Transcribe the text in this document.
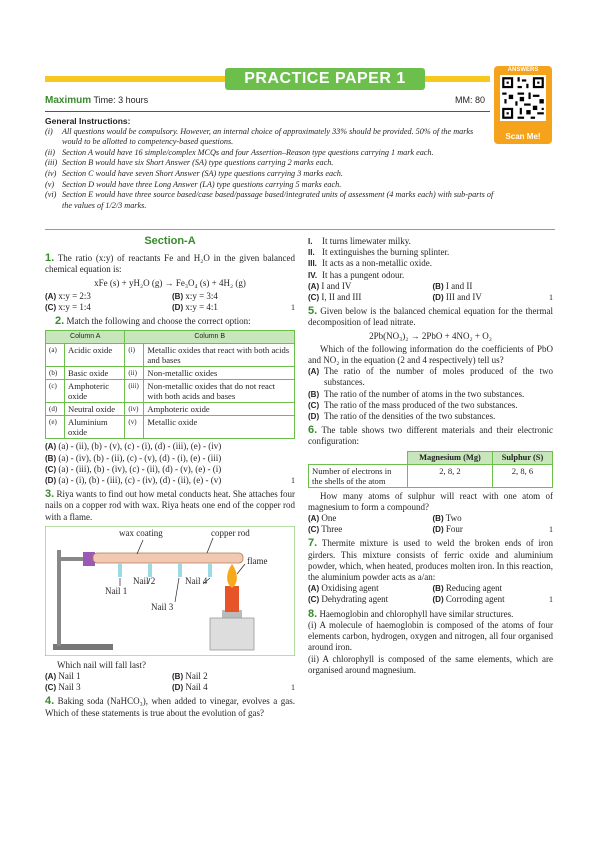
PRACTICE PAPER 1	ANSWERS
Scan Me!
Maximum Time: 3 hours	MM: 80
General Instructions:
(i)	All questions would be compulsory. However, an internal choice of approximately 33% should be provided. 50% of the marks would to be allotted to competency-based questions.
(ii) Section A would have 16 simple/complex MCQs and four Assertion–Reason type questions carrying 1 mark each.
(iii) Section B would have six Short Answer (SA) type questions carrying 2 marks each.
(iv) Section C would have seven Short Answer (SA) type questions carrying 3 marks each.
(v) Section D would have three Long Answer (LA) type questions carrying 5 marks each.
(vi) Section E would have three source based/case based/passage based/integrated units of assessment (4 marks each) with sub-parts of the values of 1/2/3 marks.
Section-A

1. The ratio (x:y) of reactants Fe and H₂O in the given balanced chemical equation is:

xFe (s) + yH₂O (g) → Fe₃O₄ (s) + 4H₂ (g)
(A) x:y = 2:3	(B) x:y = 3:4
(C) x:y = 1:4	(D) x:y = 4:1	1

2. Match the following and choose the correct option:

Column A		Column B	
(a)	Acidic oxide	(i)	Metallic oxides that react with both acids and bases
(b)	Basic oxide	(ii)	Non-metallic oxides
(c)	Amphoteric oxide	(iii)	Non-metallic oxides that do not react with both acids and bases
(d)	Neutral oxide	(iv)	Amphoteric oxide
(e)	Aluminium oxide	(v)	Metallic oxide
(A) (a) - (ii), (b) - (v), (c) - (i), (d) - (iii), (e) - (iv)
(B) (a) - (iv), (b) - (ii), (c) - (v), (d) - (i), (e) - (iii)
(C) (a) - (iii), (b) - (iv), (c) - (ii), (d) - (v), (e) - (i)
(D) (a) - (i), (b) - (iii), (c) - (iv), (d) - (ii), (e) - (v)	1

3. Riya wants to find out how metal conducts heat. She attaches four nails on a copper rod with wax. Riya heats one end of the copper rod with a flame.

wax coating	copper rod
flame
Nail 1
Nail 2
Nail 3
Nail 4

Which nail will fall last?

(A) Nail 1	(B) Nail 2
(C) Nail 3	(D) Nail 4	1

4. Baking soda (NaHCO₃), when added to vinegar, evolves a gas. Which of these statements is true about the evolution of gas?

I.	It turns limewater milky.
II. It extinguishes the burning splinter.
III. It acts as a non-metallic oxide.
IV. It has a pungent odour.
(A) I and IV	(B) I and II
(C) I, II and III	(D) III and IV	1

5. Given below is the balanced chemical equation for the thermal decomposition of lead nitrate.

2Pb(NO₃)₂ → 2PbO + 4NO₂ + O₂

Which of the following information do the coefficients of PbO and NO₂ in the equation (2 and 4 respectively) tell us?

(A) The ratio of the number of moles produced of the two substances.
(B) The ratio of the number of atoms in the two substances.
(C) The ratio of the mass produced of the two substances.
(D) The ratio of the densities of the two substances.

6. The table shows two different materials and their electronic configuration:

	Magnesium (Mg)	Sulphur (S)
Number of electrons in the shells of the atom	2, 8, 2	2, 8, 6

How many atoms of sulphur will react with one atom of magnesium to form a compound?

(A) One	(B) Two
(C) Three	(D) Four	1

7. Thermite mixture is used to weld the broken ends of iron girders. This mixture consists of ferric oxide and aluminium powder, which, when heated, produces molten iron. In this reaction, the aluminium powder acts as a/an:

(A) Oxidising agent	(B) Reducing agent
(C) Dehydrating agent	(D) Corroding agent	1

8. Haemoglobin and chlorophyll have similar structures.

(i) A molecule of haemoglobin is composed of the atoms of four elements carbon, hydrogen, oxygen and nitrogen, all four organised around iron.

(ii) A chlorophyll is composed of the same elements, which are organised around magnesium.
